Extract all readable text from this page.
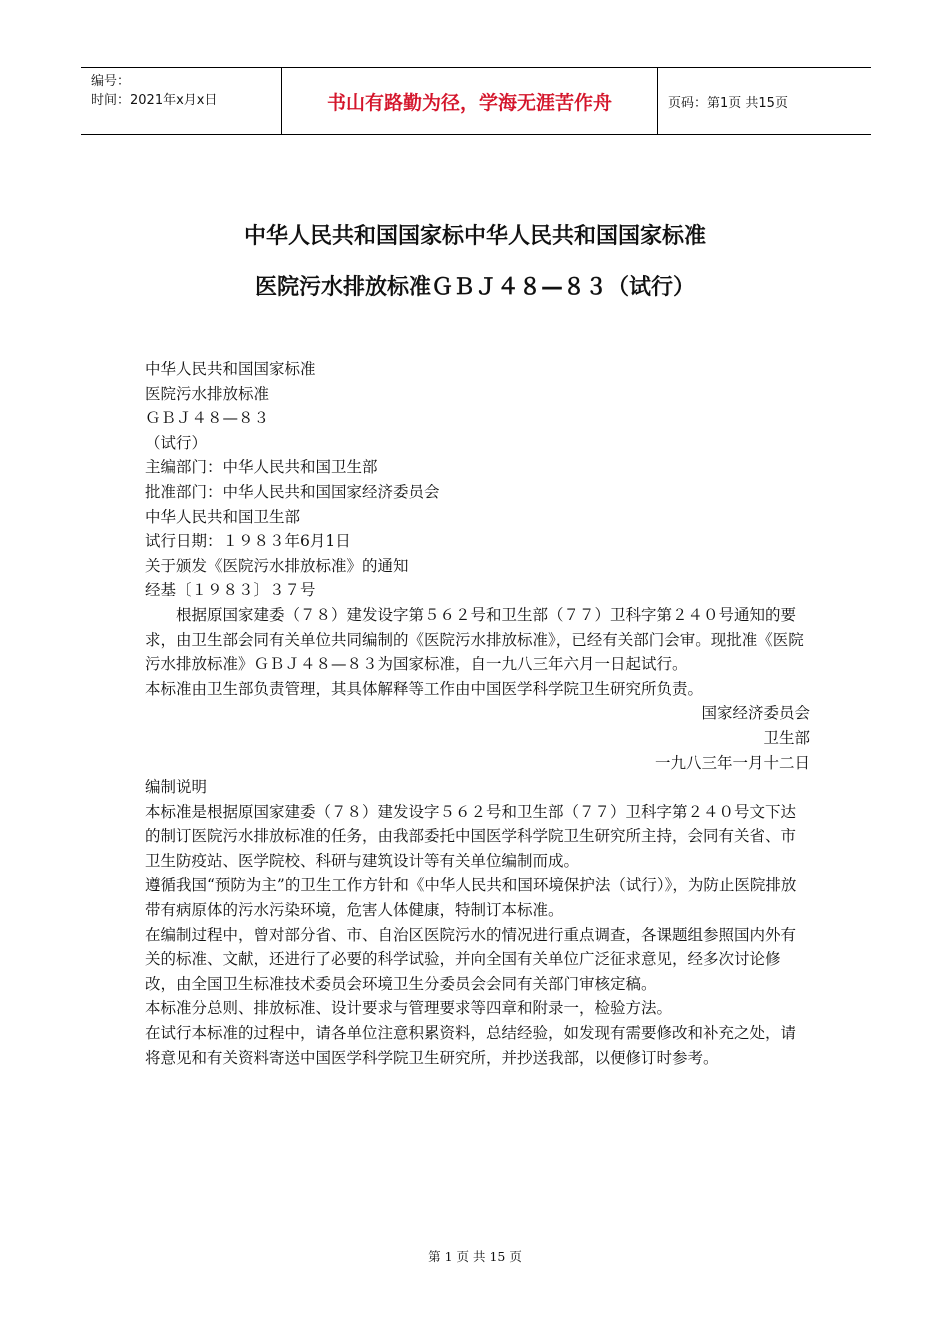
编号：
时间：2021年x月x日	书山有路勤为径，学海无涯苦作舟	页码：第1页 共15页
中华人民共和国国家标中华人民共和国国家标准
医院污水排放标准ＧＢＪ４８—８３（试行）

中华人民共和国国家标准

医院污水排放标准

ＧＢＪ４８—８３

（试行）

主编部门：中华人民共和国卫生部

批准部门：中华人民共和国国家经济委员会

中华人民共和国卫生部

试行日期：１９８３年6月1日

关于颁发《医院污水排放标准》的通知

经基〔１９８３〕３７号

根据原国家建委（７８）建发设字第５６２号和卫生部（７７）卫科字第２４０号通知的要求，由卫生部会同有关单位共同编制的《医院污水排放标准》，已经有关部门会审。现批准《医院污水排放标准》ＧＢＪ４８—８３为国家标准，自一九八三年六月一日起试行。

本标准由卫生部负责管理，其具体解释等工作由中国医学科学院卫生研究所负责。

国家经济委员会

卫生部

一九八三年一月十二日

编制说明

本标准是根据原国家建委（７８）建发设字５６２号和卫生部（７７）卫科字第２４０号文下达的制订医院污水排放标准的任务，由我部委托中国医学科学院卫生研究所主持，会同有关省、市卫生防疫站、医学院校、科研与建筑设计等有关单位编制而成。

遵循我国“预防为主”的卫生工作方针和《中华人民共和国环境保护法（试行）》，为防止医院排放带有病原体的污水污染环境，危害人体健康，特制订本标准。

在编制过程中，曾对部分省、市、自治区医院污水的情况进行重点调查，各课题组参照国内外有关的标准、文献，还进行了必要的科学试验，并向全国有关单位广泛征求意见，经多次讨论修改，由全国卫生标准技术委员会环境卫生分委员会会同有关部门审核定稿。

本标准分总则、排放标准、设计要求与管理要求等四章和附录一，检验方法。

在试行本标准的过程中，请各单位注意积累资料，总结经验，如发现有需要修改和补充之处，请将意见和有关资料寄送中国医学科学院卫生研究所，并抄送我部，以便修订时参考。

第 1 页 共 15 页
